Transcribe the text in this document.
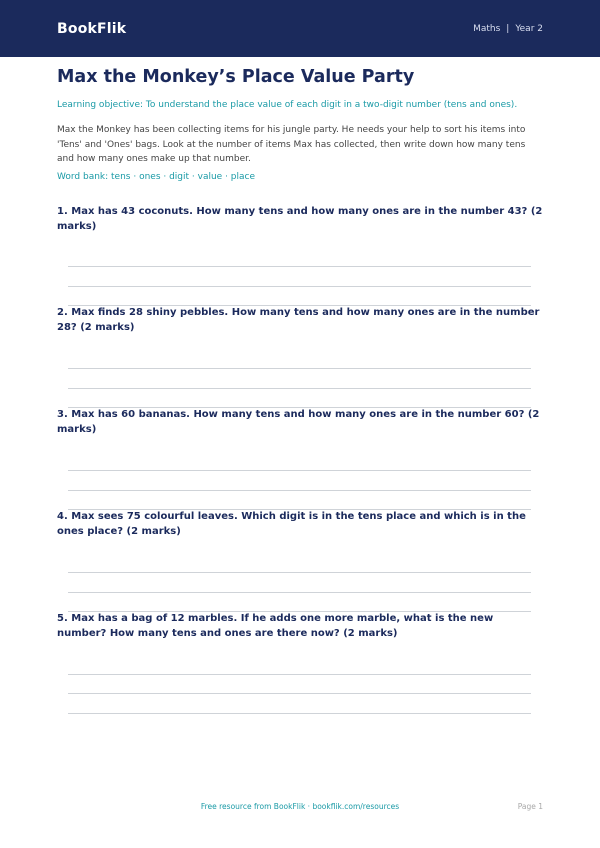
BookFlik	Maths | Year 2
Max the Monkey’s Place Value Party
Learning objective: To understand the place value of each digit in a two-digit number (tens and ones).
Max the Monkey has been collecting items for his jungle party. He needs your help to sort his items into 'Tens' and 'Ones' bags. Look at the number of items Max has collected, then write down how many tens and how many ones make up that number.
Word bank: tens · ones · digit · value · place
1. Max has 43 coconuts. How many tens and how many ones are in the number 43? (2 marks)
2. Max finds 28 shiny pebbles. How many tens and how many ones are in the number 28? (2 marks)
3. Max has 60 bananas. How many tens and how many ones are in the number 60? (2 marks)
4. Max sees 75 colourful leaves. Which digit is in the tens place and which is in the ones place? (2 marks)
5. Max has a bag of 12 marbles. If he adds one more marble, what is the new number? How many tens and ones are there now? (2 marks)
Free resource from BookFlik · bookflik.com/resources	Page 1
